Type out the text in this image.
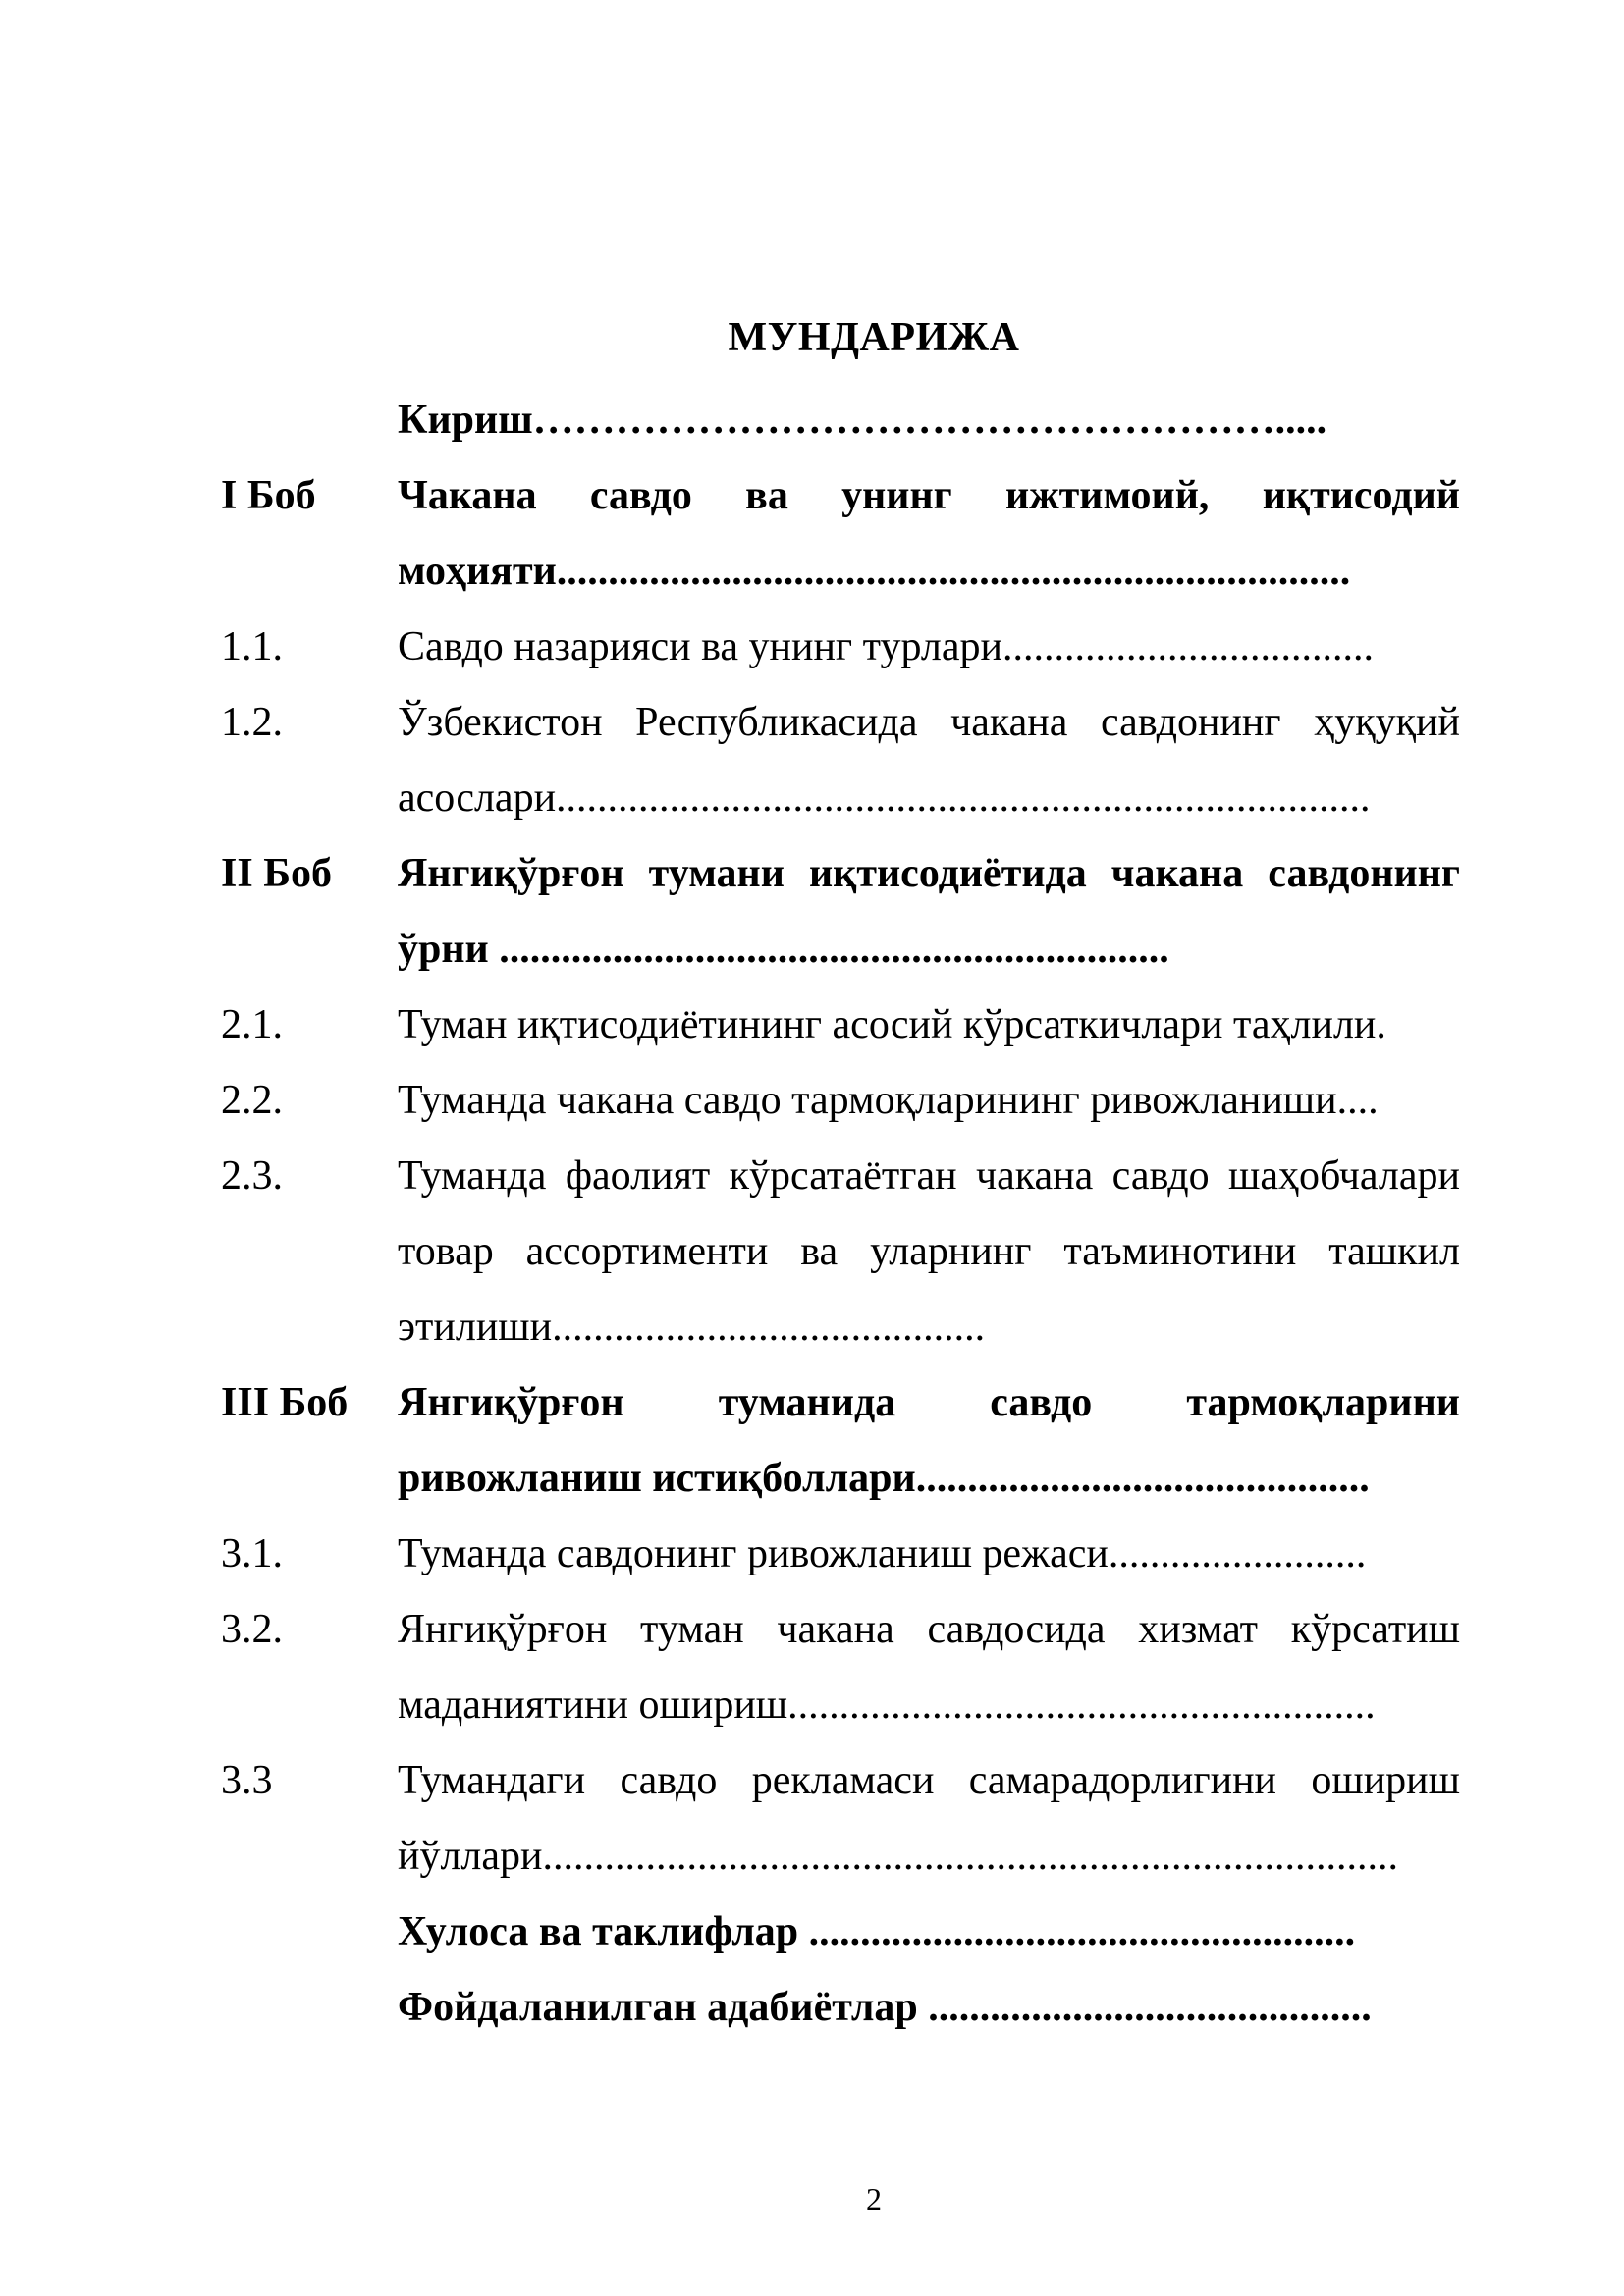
МУНДАРИЖА
Кириш……………………………………………….....
I Боб	Чакана савдо ва унинг ижтимоий, иқтисодий моҳияти.............................................................................
1.1.	Савдо назарияси ва унинг турлари....................................
1.2.	Ўзбекистон Республикасида чакана савдонинг ҳуқуқий асослари...............................................................................
II Боб	Янгиқўрғон тумани иқтисодиётида чакана савдонинг ўрни .................................................................
2.1.	Туман иқтисодиётининг асосий кўрсаткичлари таҳлили.
2.2.	Туманда чакана савдо тармоқларининг ривожланиши....
2.3.	Туманда фаолият кўрсатаётган чакана савдо шаҳобчалари товар ассортименти ва уларнинг таъминотини ташкил этилиши..........................................
III Боб	Янгиқўрғон туманида савдо тармоқларини ривожланиш истиқболлари............................................
3.1.	Туманда савдонинг ривожланиш режаси.........................
3.2.	Янгиқўрғон туман чакана савдосида хизмат кўрсатиш маданиятини ошириш.........................................................
3.3	Тумандаги савдо рекламаси самарадорлигини ошириш йўллари...................................................................................
Хулоса ва таклифлар .....................................................
Фойдаланилган адабиётлар ...........................................
2
